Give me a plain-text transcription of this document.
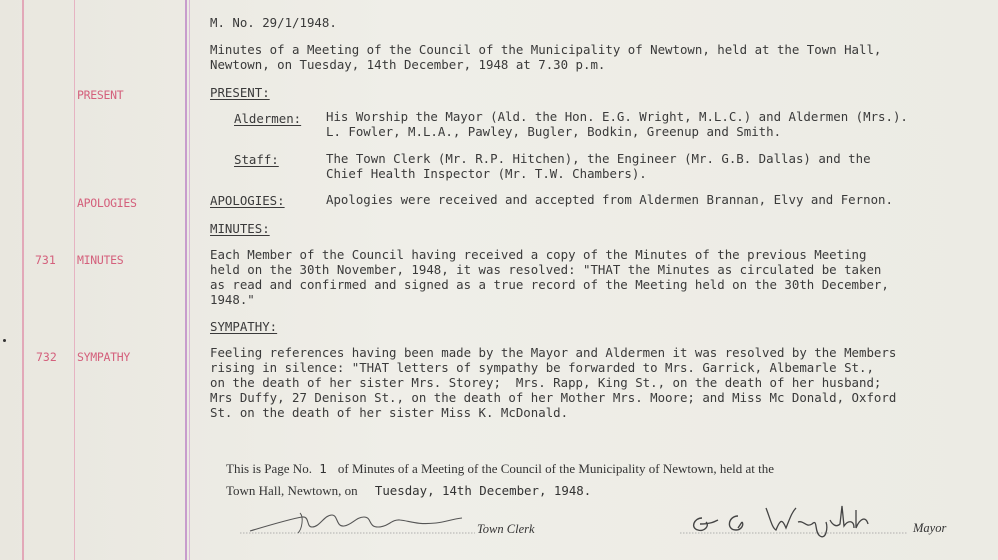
PRESENT
APOLOGIES
731 MINUTES
732 SYMPATHY
M. No. 29/1/1948.
Minutes of a Meeting of the Council of the Municipality of Newtown, held at the Town Hall,
Newtown, on Tuesday, 14th December, 1948 at 7.30 p.m.
PRESENT:
Aldermen: His Worship the Mayor (Ald. the Hon. E.G. Wright, M.L.C.) and Aldermen (Mrs.).
L. Fowler, M.L.A., Pawley, Bugler, Bodkin, Greenup and Smith.
Staff:	The Town Clerk (Mr. R.P. Hitchen), the Engineer (Mr. G.B. Dallas) and the
Chief Health Inspector (Mr. T.W. Chambers).
APOLOGIES:	Apologies were received and accepted from Aldermen Brannan, Elvy and Fernon.
MINUTES:
Each Member of the Council having received a copy of the Minutes of the previous Meeting
held on the 30th November, 1948, it was resolved: "THAT the Minutes as circulated be taken
as read and confirmed and signed as a true record of the Meeting held on the 30th December,
1948."
SYMPATHY:
Feeling references having been made by the Mayor and Aldermen it was resolved by the Members
rising in silence: "THAT letters of sympathy be forwarded to Mrs. Garrick, Albemarle St.,
on the death of her sister Mrs. Storey;  Mrs. Rapp, King St., on the death of her husband;
Mrs Duffy, 27 Denison St., on the death of her Mother Mrs. Moore; and Miss Mc Donald, Oxford
St. on the death of her sister Miss K. McDonald.
This is Page No. 1 of Minutes of a Meeting of the Council of the Municipality of Newtown, held at the
Town Hall, Newtown, on Tuesday, 14th December, 1948.
Town Clerk	Mayor
